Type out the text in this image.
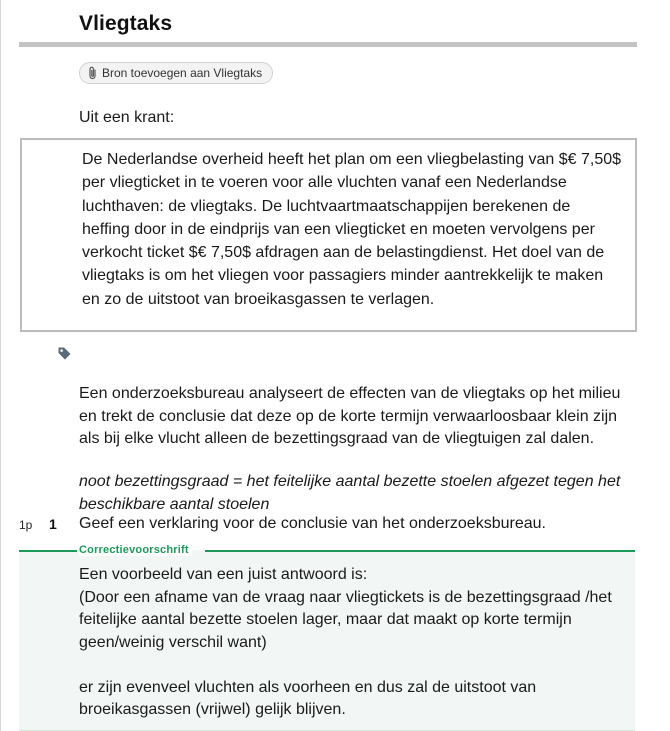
Vliegtaks
Bron toevoegen aan Vliegtaks
Uit een krant:
De Nederlandse overheid heeft het plan om een vliegbelasting van $€ 7,50$ per vliegticket in te voeren voor alle vluchten vanaf een Nederlandse luchthaven: de vliegtaks. De luchtvaartmaatschappijen berekenen de heffing door in de eindprijs van een vliegticket en moeten vervolgens per verkocht ticket $€ 7,50$ afdragen aan de belastingdienst. Het doel van de vliegtaks is om het vliegen voor passagiers minder aantrekkelijk te maken en zo de uitstoot van broeikasgassen te verlagen.
Een onderzoeksbureau analyseert de effecten van de vliegtaks op het milieu en trekt de conclusie dat deze op de korte termijn verwaarloosbaar klein zijn als bij elke vlucht alleen de bezettingsgraad van de vliegtuigen zal dalen.
noot bezettingsgraad = het feitelijke aantal bezette stoelen afgezet tegen het beschikbare aantal stoelen
1p 1 Geef een verklaring voor de conclusie van het onderzoeksbureau.
Correctievoorschrift

Een voorbeeld van een juist antwoord is:

(Door een afname van de vraag naar vliegtickets is de bezettingsgraad /het feitelijke aantal bezette stoelen lager, maar dat maakt op korte termijn geen/weinig verschil want)

er zijn evenveel vluchten als voorheen en dus zal de uitstoot van broeikasgassen (vrijwel) gelijk blijven.
